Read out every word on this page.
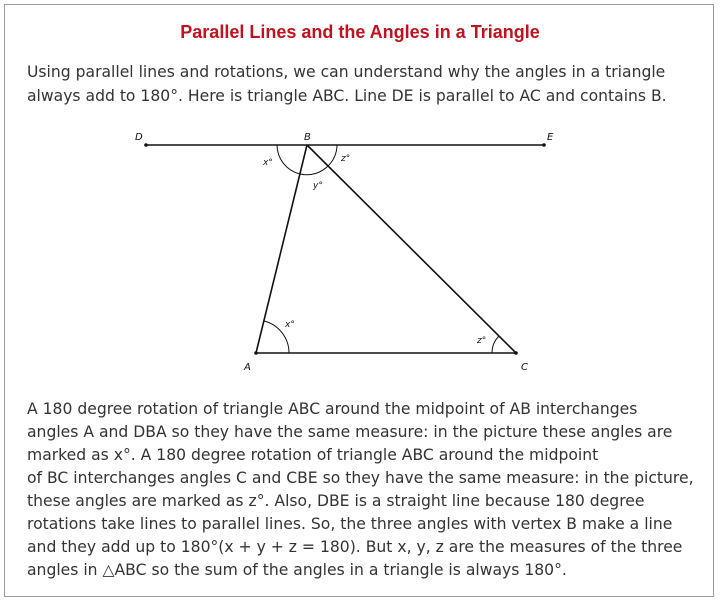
Parallel Lines and the Angles in a Triangle
Using parallel lines and rotations, we can understand why the angles in a triangle
always add to 180°. Here is triangle ABC. Line DE is parallel to AC and contains B.
D	B	E
A	C
x°
y°
z°
x°
z°
A 180 degree rotation of triangle ABC around the midpoint of AB interchanges
angles A and DBA so they have the same measure: in the picture these angles are
marked as x°. A 180 degree rotation of triangle ABC around the midpoint
of BC interchanges angles C and CBE so they have the same measure: in the picture,
these angles are marked as z°. Also, DBE is a straight line because 180 degree
rotations take lines to parallel lines. So, the three angles with vertex B make a line
and they add up to 180°(x + y + z = 180). But x, y, z are the measures of the three
angles in △ABC so the sum of the angles in a triangle is always 180°.
